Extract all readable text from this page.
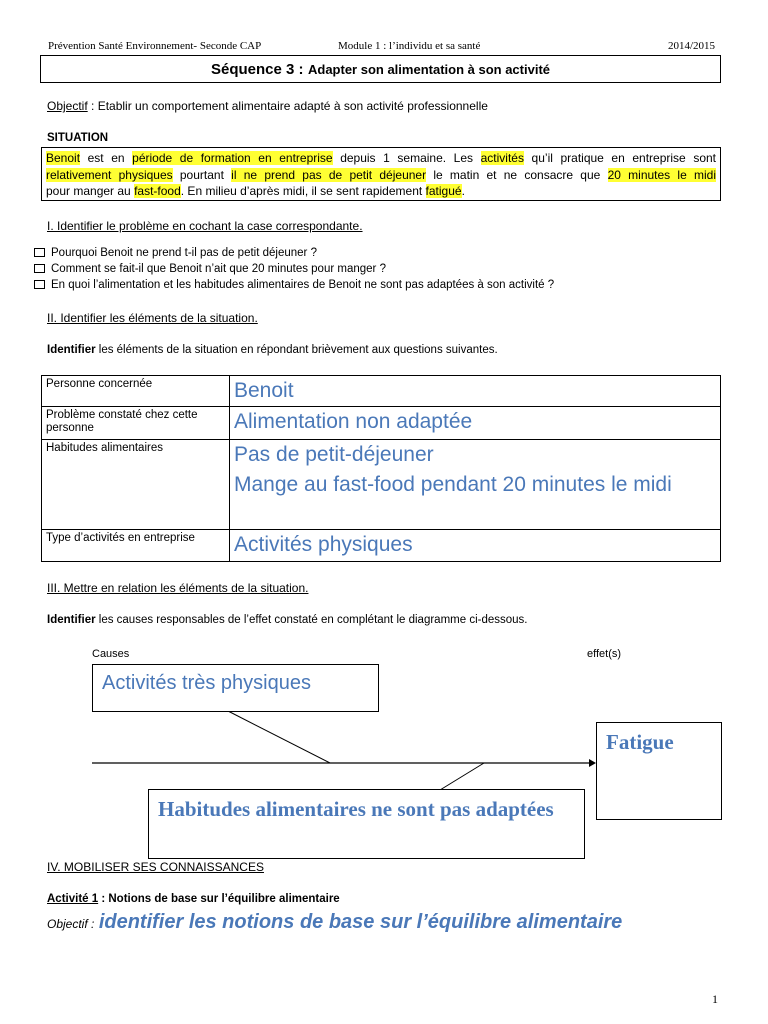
Prévention Santé Environnement- Seconde CAP	Module 1 : l’individu et sa santé	2014/2015
Séquence 3 : Adapter son alimentation à son activité
Objectif : Etablir un comportement alimentaire adapté à son activité professionnelle
SITUATION
Benoit est en période de formation en entreprise depuis 1 semaine. Les activités qu’il pratique en entreprise sont
relativement physiques pourtant il ne prend pas de petit déjeuner le matin et ne consacre que 20 minutes le midi
pour manger au fast-food. En milieu d’après midi, il se sent rapidement fatigué.
I. Identifier le problème en cochant la case correspondante.
Pourquoi Benoit ne prend t-il pas de petit déjeuner ?
Comment se fait-il que Benoit n’ait que 20 minutes pour manger ?
En quoi l’alimentation et les habitudes alimentaires de Benoit ne sont pas adaptées à son activité ?
II. Identifier les éléments de la situation.
Identifier les éléments de la situation en répondant brièvement aux questions suivantes.
Personne concernée	Benoit
Problème constaté chez cette personne	Alimentation non adaptée
Habitudes alimentaires	Pas de petit-déjeuner
Mange au fast-food pendant 20 minutes le midi

Type d’activités en entreprise	Activités physiques
III. Mettre en relation les éléments de la situation.
Identifier les causes responsables de l’effet constaté en complétant le diagramme ci-dessous.
Causes	effet(s)
Activités très physiques
Habitudes alimentaires ne sont pas adaptées
Fatigue
IV. MOBILISER SES CONNAISSANCES
Activité 1 : Notions de base sur l’équilibre alimentaire
Objectif : identifier les notions de base sur l’équilibre alimentaire
1
